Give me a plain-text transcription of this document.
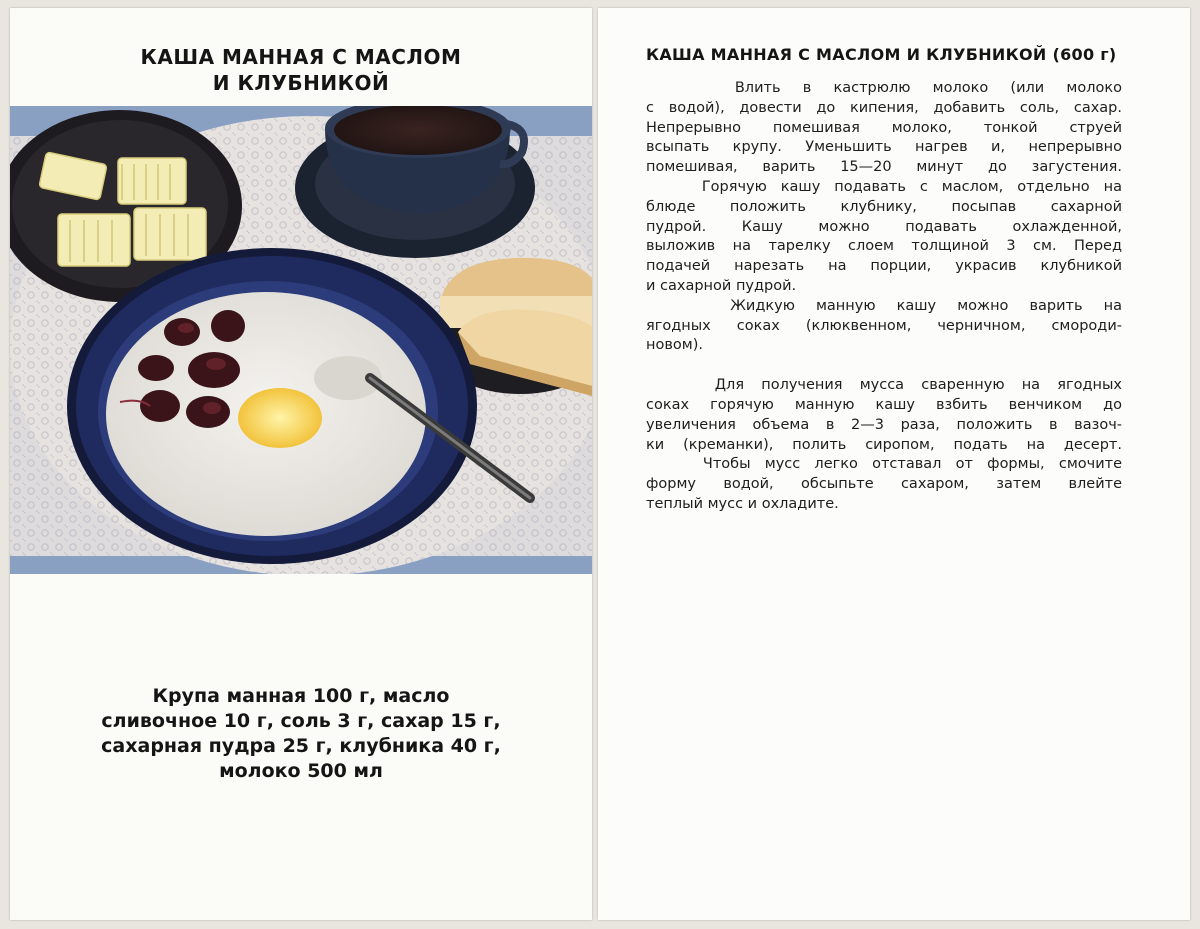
КАША МАННАЯ С МАСЛОМ
И КЛУБНИКОЙ
Крупа манная 100 г, масло
сливочное 10 г, соль 3 г, сахар 15 г,
сахарная пудра 25 г, клубника 40 г,
молоко 500 мл
КАША МАННАЯ С МАСЛОМ И КЛУБНИКОЙ (600 г)

Влить в кастрюлю молоко (или молоко
с водой), довести до кипения, добавить соль, сахар.
Непрерывно помешивая молоко, тонкой струей
всыпать крупу. Уменьшить нагрев и, непрерывно
помешивая, варить 15—20 минут до загустения.

Горячую кашу подавать с маслом, отдельно на
блюде положить клубнику, посыпав сахарной
пудрой. Кашу можно подавать охлажденной,
выложив на тарелку слоем толщиной 3 см. Перед
подачей нарезать на порции, украсив клубникой
и сахарной пудрой.

Жидкую манную кашу можно варить на
ягодных соках (клюквенном, черничном, смороди-
новом).

Для получения мусса сваренную на ягодных
соках горячую манную кашу взбить венчиком до
увеличения объема в 2—3 раза, положить в вазоч-
ки (креманки), полить сиропом, подать на десерт.

Чтобы мусс легко отставал от формы, смочите
форму водой, обсыпьте сахаром, затем влейте
теплый мусс и охладите.
